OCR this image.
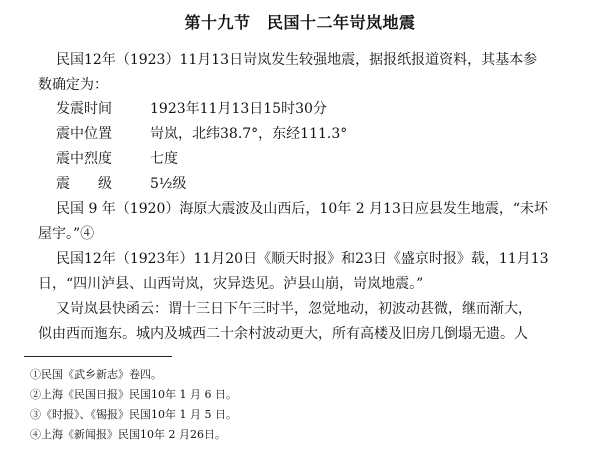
第十九节　民国十二年岢岚地震
民国12年（1923）11月13日岢岚发生较强地震，据报纸报道资料，其基本参
数确定为：
发震时间	1923年11月13日15时30分
震中位置	岢岚，北纬38.7°，东经111.3°
震中烈度	七度
震　　级	5½级
民国 9 年（1920）海原大震波及山西后，10年 2 月13日应县发生地震，“未坏
屋宇。”④
民国12年（1923年）11月20日《顺天时报》和23日《盛京时报》载，11月13
日，“四川泸县、山西岢岚，灾异迭见。泸县山崩，岢岚地震。”
又岢岚县快函云：谓十三日下午三时半，忽觉地动，初波动甚微，继而渐大，
似由西而迤东。城内及城西二十余村波动更大，所有高楼及旧房几倒塌无遗。人
①民国《武乡新志》卷四。
②上海《民国日报》民国10年 1 月 6 日。
③《时报》、《锡报》民国10年 1 月 5 日。
④上海《新闻报》民国10年 2 月26日。
